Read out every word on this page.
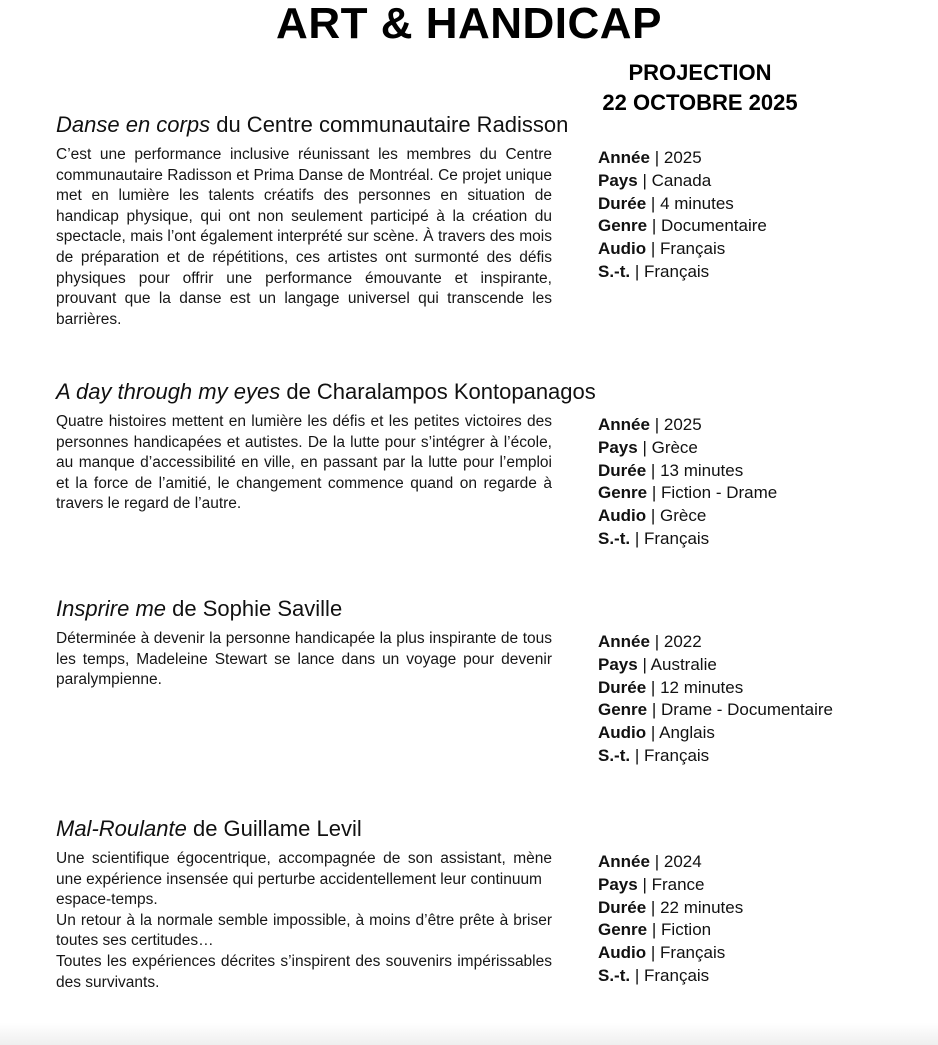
ART & HANDICAP
PROJECTION
22 OCTOBRE 2025
Danse en corps du Centre communautaire Radisson

C’est une performance inclusive réunissant les membres du Centre communautaire Radisson et Prima Danse de Montréal. Ce projet unique met en lumière les talents créatifs des personnes en situation de handicap physique, qui ont non seulement participé à la création du spectacle, mais l’ont également interprété sur scène. À travers des mois de préparation et de répétitions, ces artistes ont surmonté des défis physiques pour offrir une performance émouvante et inspirante, prouvant que la danse est un langage universel qui transcende les barrières.

Année | 2025
Pays | Canada
Durée | 4 minutes
Genre | Documentaire
Audio | Français
S.-t. | Français
A day through my eyes de Charalampos Kontopanagos

Quatre histoires mettent en lumière les défis et les petites victoires des personnes handicapées et autistes. De la lutte pour s’intégrer à l’école, au manque d’accessibilité en ville, en passant par la lutte pour l’emploi et la force de l’amitié, le changement commence quand on regarde à travers le regard de l’autre.

Année | 2025
Pays | Grèce
Durée | 13 minutes
Genre | Fiction - Drame
Audio | Grèce
S.-t. | Français
Insprire me de Sophie Saville

Déterminée à devenir la personne handicapée la plus inspirante de tous les temps, Madeleine Stewart se lance dans un voyage pour devenir paralympienne.

Année | 2022
Pays | Australie
Durée | 12 minutes
Genre | Drame - Documentaire
Audio | Anglais
S.-t. | Français
Mal-Roulante de Guillame Levil

Une scientifique égocentrique, accompagnée de son assistant, mène une expérience insensée qui perturbe accidentellement leur continuum

espace-temps.

Un retour à la normale semble impossible, à moins d’être prête à briser toutes ses certitudes…

Toutes les expériences décrites s’inspirent des souvenirs impérissables des survivants.

Année | 2024
Pays | France
Durée | 22 minutes
Genre | Fiction
Audio | Français
S.-t. | Français
